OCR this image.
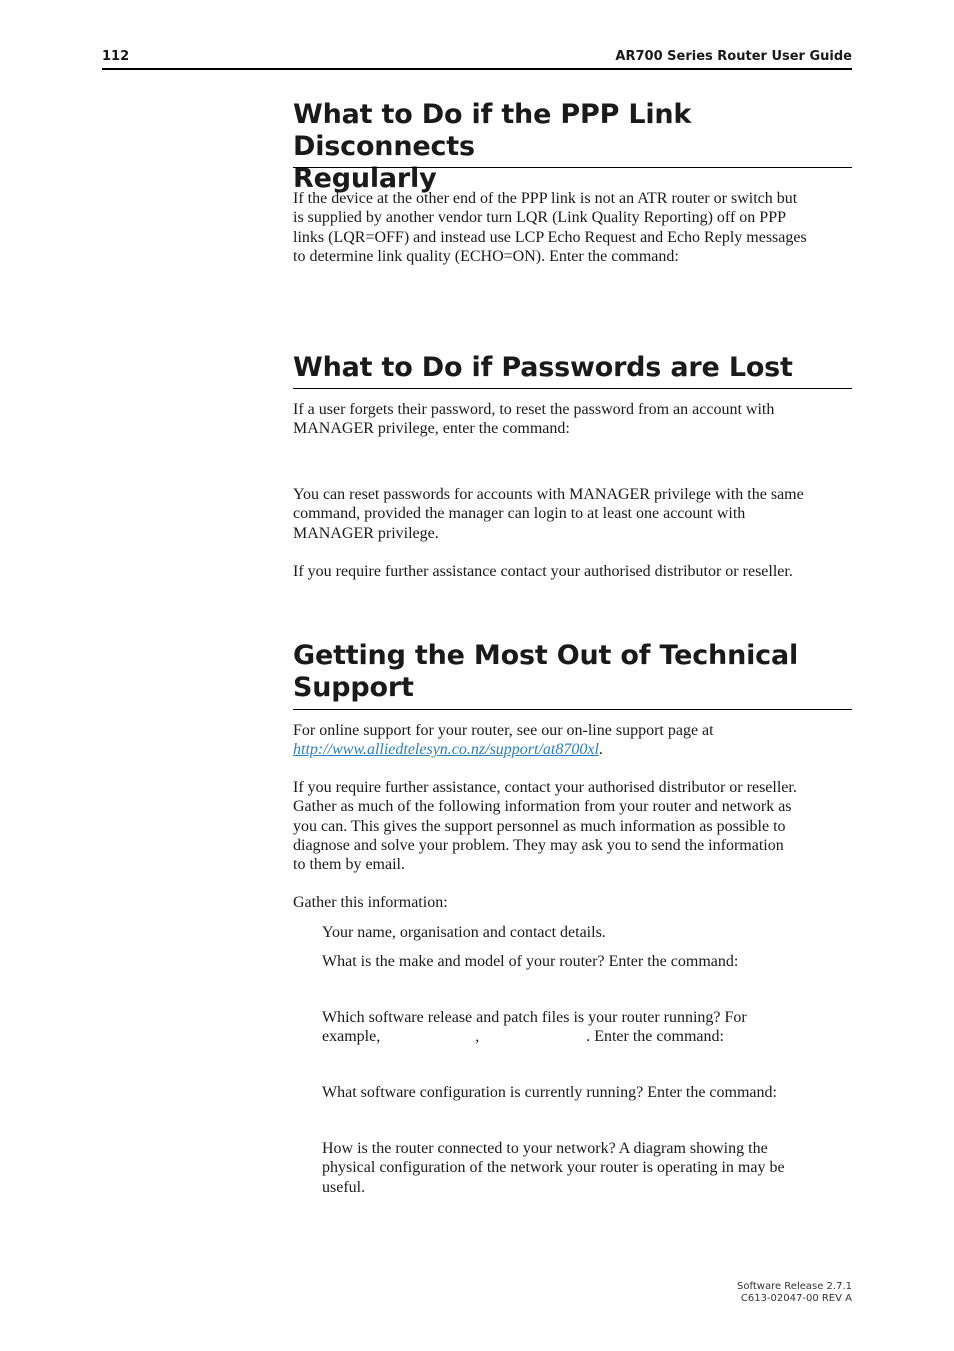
112	AR700 Series Router User Guide
What to Do if the PPP Link Disconnects
Regularly

If the device at the other end of the PPP link is not an ATR router or switch but
is supplied by another vendor turn LQR (Link Quality Reporting) off on PPP
links (LQR=OFF) and instead use LCP Echo Request and Echo Reply messages
to determine link quality (ECHO=ON). Enter the command:

What to Do if Passwords are Lost

If a user forgets their password, to reset the password from an account with
MANAGER privilege, enter the command:

You can reset passwords for accounts with MANAGER privilege with the same
command, provided the manager can login to at least one account with
MANAGER privilege.

If you require further assistance contact your authorised distributor or reseller.

Getting the Most Out of Technical
Support

For online support for your router, see our on-line support page at
http://www.alliedtelesyn.co.nz/support/at8700xl.

If you require further assistance, contact your authorised distributor or reseller.
Gather as much of the following information from your router and network as
you can. This gives the support personnel as much information as possible to
diagnose and solve your problem. They may ask you to send the information
to them by email.

Gather this information:

Your name, organisation and contact details.

What is the make and model of your router? Enter the command:

Which software release and patch files is your router running? For
example,	,	. Enter the command:

What software configuration is currently running? Enter the command:

How is the router connected to your network? A diagram showing the
physical configuration of the network your router is operating in may be
useful.

Software Release 2.7.1
C613-02047-00 REV A
